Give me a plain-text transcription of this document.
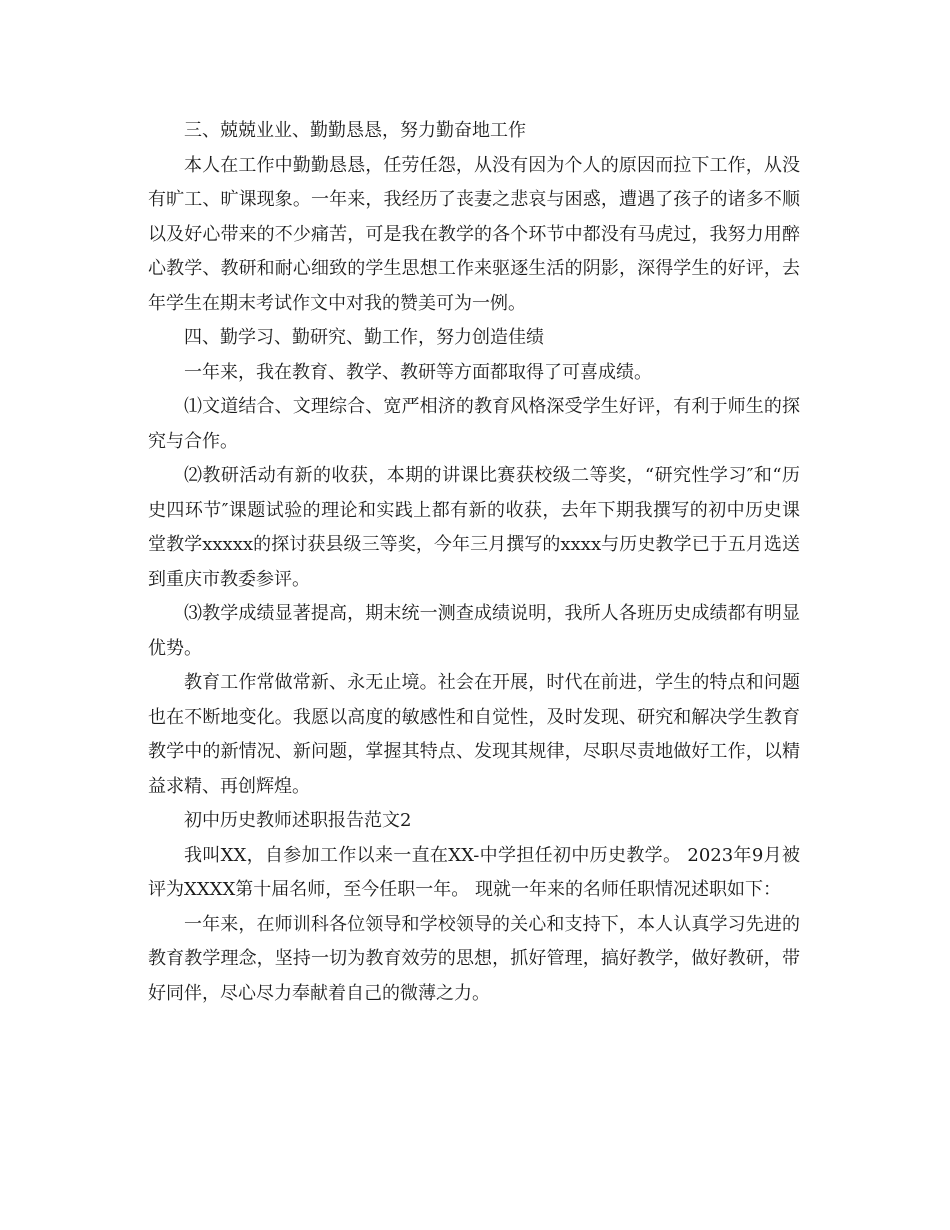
三、兢兢业业、勤勤恳恳，努力勤奋地工作

本人在工作中勤勤恳恳，任劳任怨，从没有因为个人的原因而拉下工作，从没有旷工、旷课现象。一年来，我经历了丧妻之悲哀与困惑，遭遇了孩子的诸多不顺以及好心带来的不少痛苦，可是我在教学的各个环节中都没有马虎过，我努力用醉心教学、教研和耐心细致的学生思想工作来驱逐生活的阴影，深得学生的好评，去年学生在期末考试作文中对我的赞美可为一例。

四、勤学习、勤研究、勤工作，努力创造佳绩

一年来，我在教育、教学、教研等方面都取得了可喜成绩。

⑴文道结合、文理综合、宽严相济的教育风格深受学生好评，有利于师生的探究与合作。

⑵教研活动有新的收获，本期的讲课比赛获校级二等奖，“研究性学习″和“历史四环节″课题试验的理论和实践上都有新的收获，去年下期我撰写的初中历史课堂教学xxxxx的探讨获县级三等奖，今年三月撰写的xxxx与历史教学已于五月选送到重庆市教委参评。

⑶教学成绩显著提高，期末统一测查成绩说明，我所人各班历史成绩都有明显优势。

教育工作常做常新、永无止境。社会在开展，时代在前进，学生的特点和问题也在不断地变化。我愿以高度的敏感性和自觉性，及时发现、研究和解决学生教育教学中的新情况、新问题，掌握其特点、发现其规律，尽职尽责地做好工作，以精益求精、再创辉煌。

初中历史教师述职报告范文2

我叫XX，自参加工作以来一直在XX-中学担任初中历史教学。 2023年9月被评为XXXX第十届名师，至今任职一年。 现就一年来的名师任职情况述职如下：

一年来，在师训科各位领导和学校领导的关心和支持下，本人认真学习先进的教育教学理念，坚持一切为教育效劳的思想，抓好管理，搞好教学，做好教研，带好同伴，尽心尽力奉献着自己的微薄之力。
